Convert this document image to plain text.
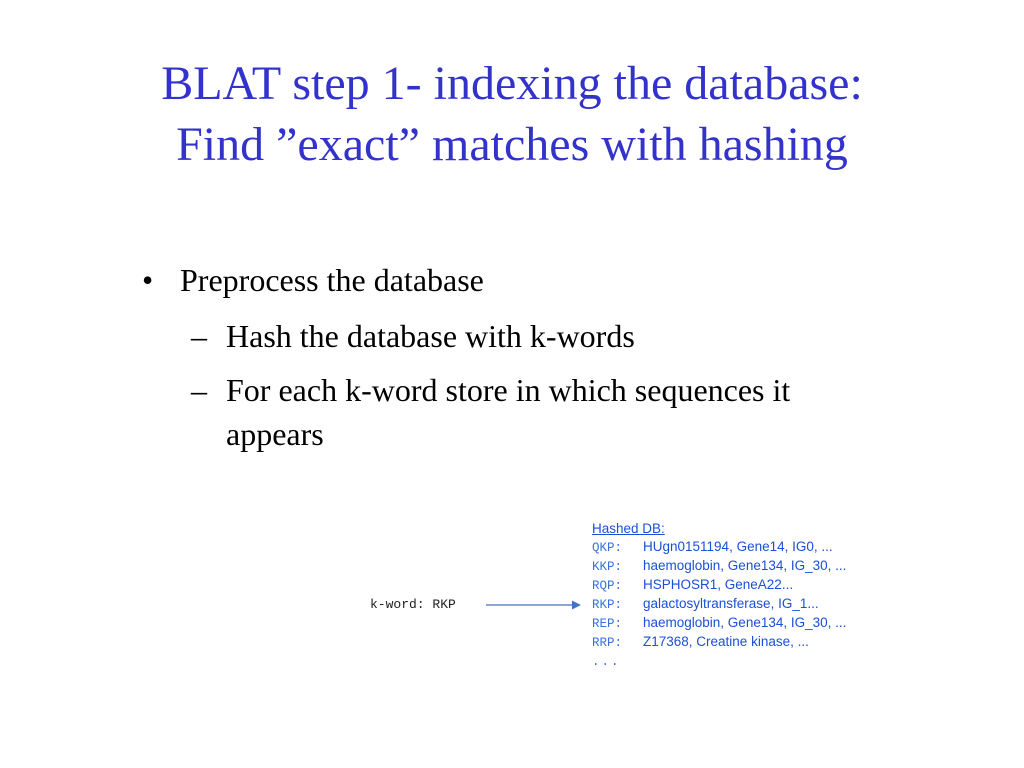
BLAT step 1- indexing the database:
Find ”exact” matches with hashing
• Preprocess the database
– Hash the database with k-words
– For each k-word store in which sequences it
appears
k-word: RKP
Hashed DB:
QKP: HUgn0151194, Gene14, IG0, ...
KKP: haemoglobin, Gene134, IG_30, ...
RQP: HSPHOSR1, GeneA22...
RKP: galactosyltransferase, IG_1...
REP: haemoglobin, Gene134, IG_30, ...
RRP: Z17368, Creatine kinase, ...
...
